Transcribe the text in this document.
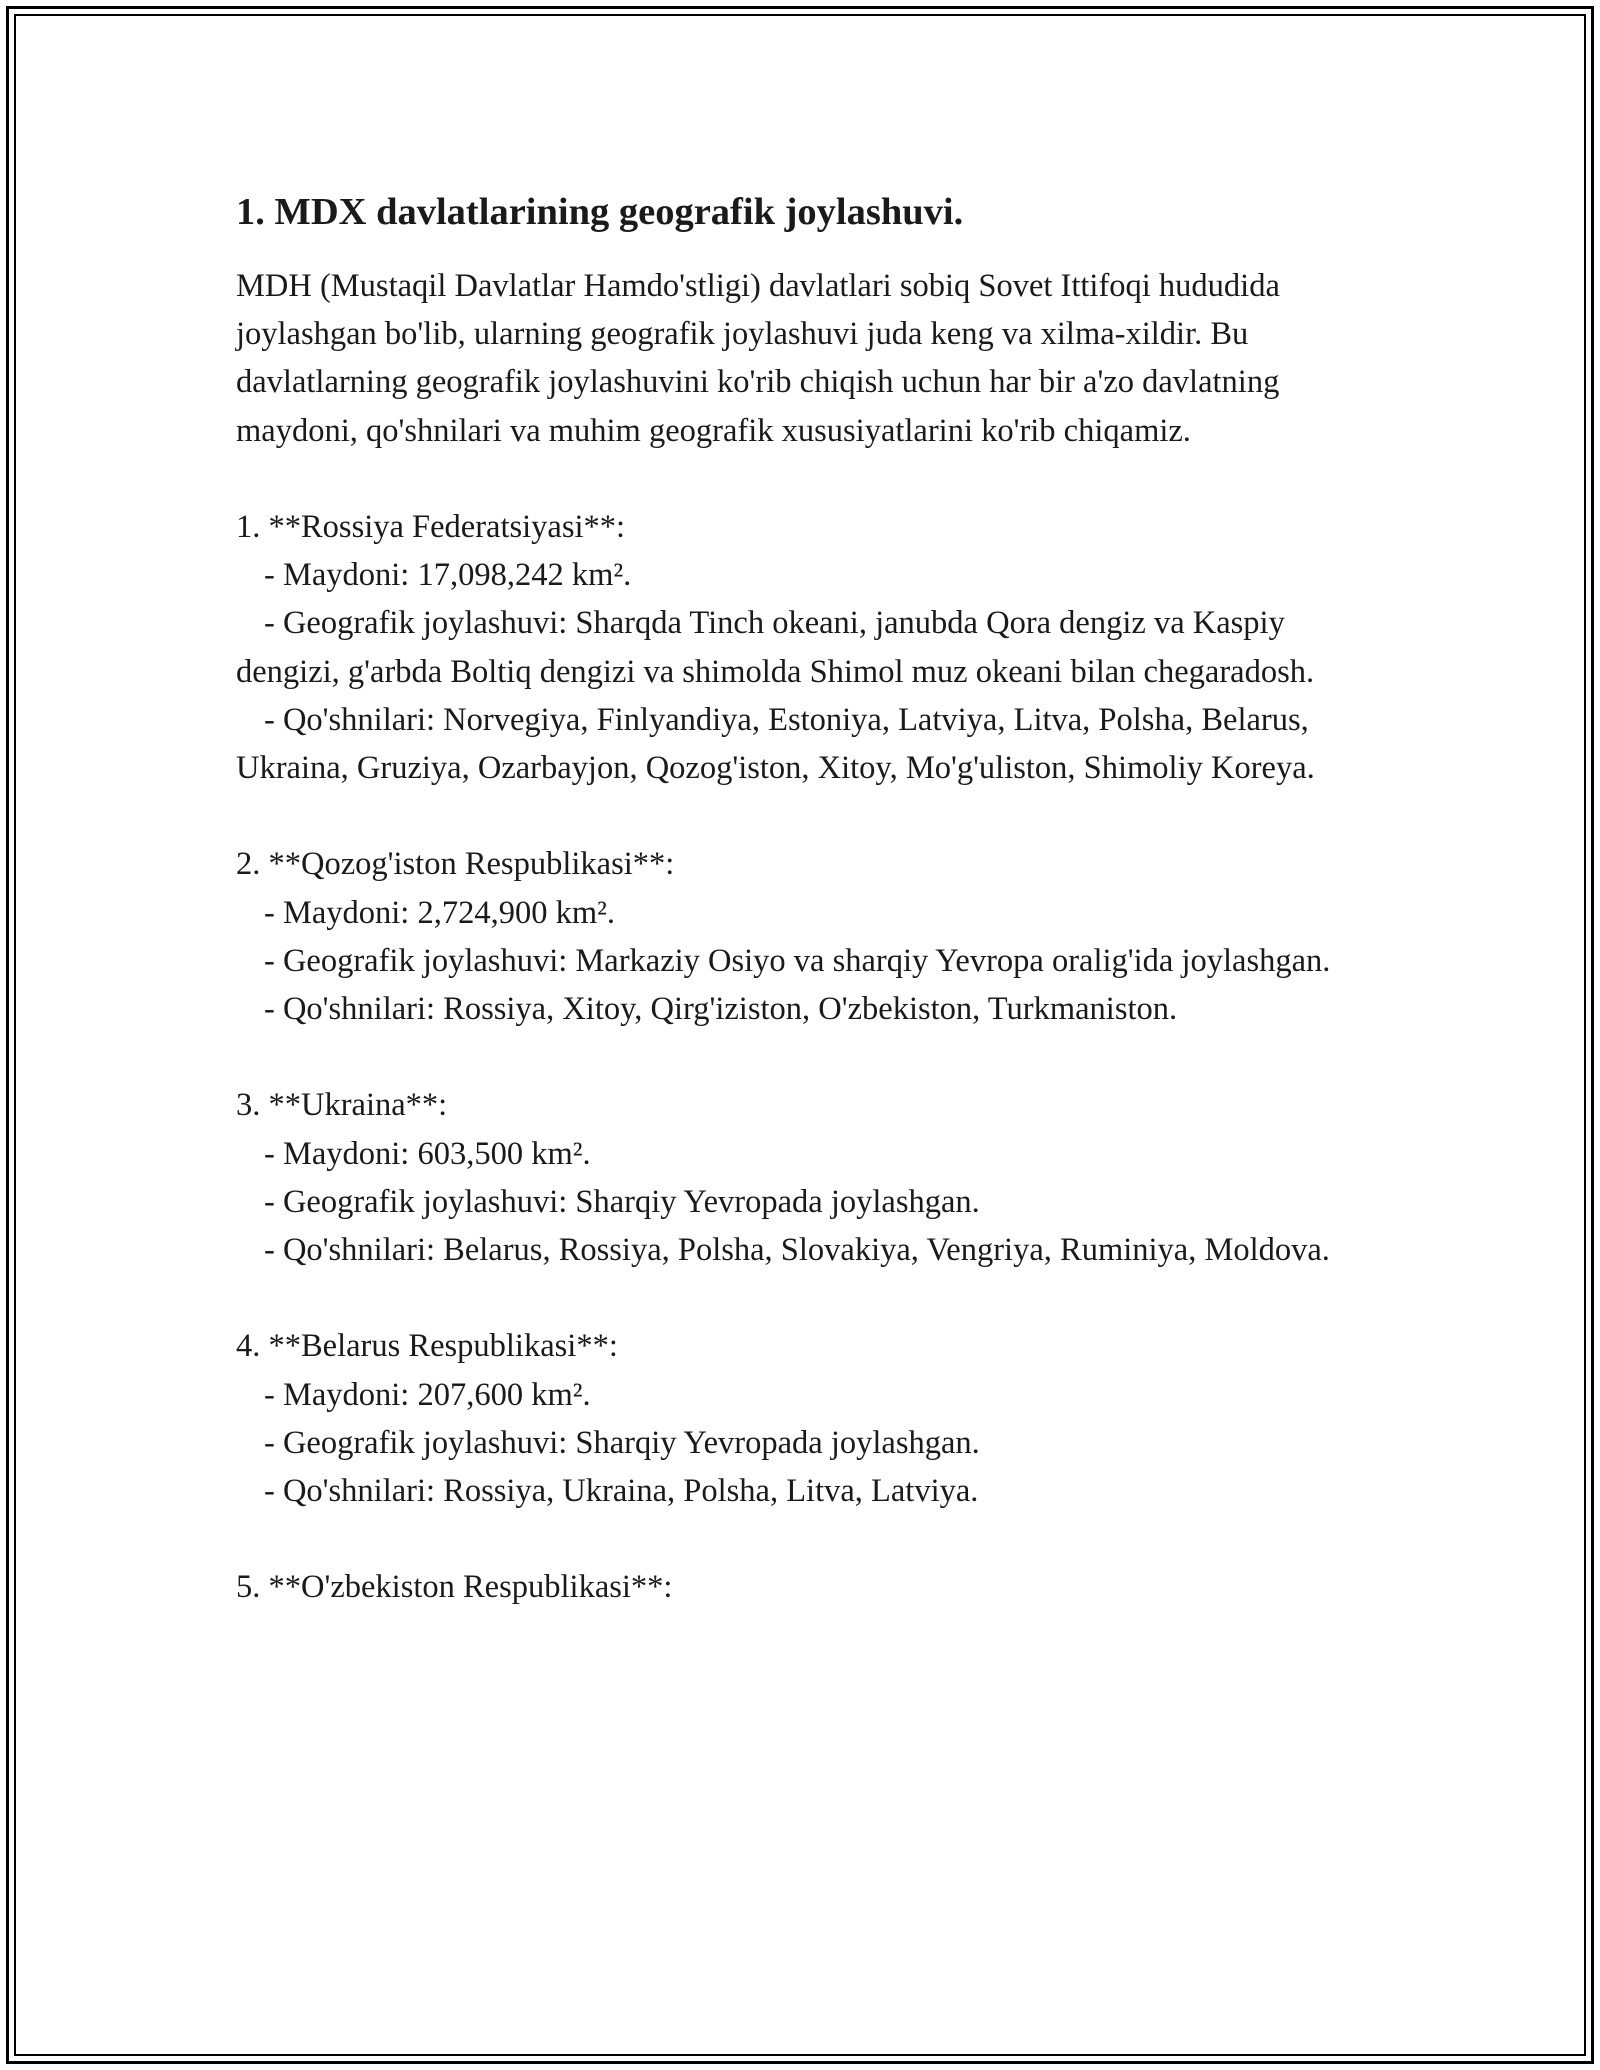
1. MDX davlatlarining geografik joylashuvi.

MDH (Mustaqil Davlatlar Hamdo'stligi) davlatlari sobiq Sovet Ittifoqi hududida joylashgan bo'lib, ularning geografik joylashuvi juda keng va xilma-xildir. Bu davlatlarning geografik joylashuvini ko'rib chiqish uchun har bir a'zo davlatning maydoni, qo'shnilari va muhim geografik xususiyatlarini ko'rib chiqamiz.

1. **Rossiya Federatsiyasi**:

- Maydoni: 17,098,242 km².

- Geografik joylashuvi: Sharqda Tinch okeani, janubda Qora dengiz va Kaspiy dengizi, g'arbda Boltiq dengizi va shimolda Shimol muz okeani bilan chegaradosh.

- Qo'shnilari: Norvegiya, Finlyandiya, Estoniya, Latviya, Litva, Polsha, Belarus, Ukraina, Gruziya, Ozarbayjon, Qozog'iston, Xitoy, Mo'g'uliston, Shimoliy Koreya.

2. **Qozog'iston Respublikasi**:

- Maydoni: 2,724,900 km².

- Geografik joylashuvi: Markaziy Osiyo va sharqiy Yevropa oralig'ida joylashgan.

- Qo'shnilari: Rossiya, Xitoy, Qirg'iziston, O'zbekiston, Turkmaniston.

3. **Ukraina**:

- Maydoni: 603,500 km².

- Geografik joylashuvi: Sharqiy Yevropada joylashgan.

- Qo'shnilari: Belarus, Rossiya, Polsha, Slovakiya, Vengriya, Ruminiya, Moldova.

4. **Belarus Respublikasi**:

- Maydoni: 207,600 km².

- Geografik joylashuvi: Sharqiy Yevropada joylashgan.

- Qo'shnilari: Rossiya, Ukraina, Polsha, Litva, Latviya.

5. **O'zbekiston Respublikasi**:
